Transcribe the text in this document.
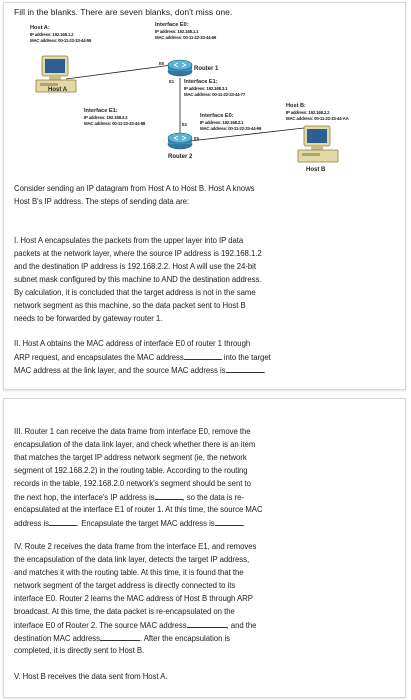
Fill in the blanks. There are seven blanks, don't miss one.
Host A:
IP address: 192.168.1.2
MAC address: 00-11-22-33-44-55
Host A
Interface E0:
IP address: 192.168.1.1
MAC address: 00-11-22-33-44-66
E0
Router 1
E1 Interface E1:
IP address: 192.168.3.1
MAC address: 00-11-22-33-44-77
Interface E1:
IP address: 192.168.3.2
MAC address: 00-11-22-33-44-88
Interface E0:
IP address: 192.168.2.1
MAC address: 00-11-22-33-44-99
E1
E0
Router 2
Host B:
IP address: 192.168.2.2
MAC address: 00-11-22-33-44-AA
Host B
Consider sending an IP datagram from Host A to Host B. Host A knows
Host B's IP address. The steps of sending data are:
I. Host A encapsulates the packets from the upper layer into IP data
packets at the network layer, where the source IP address is 192.168.1.2
and the destination IP address is 192.168.2.2. Host A will use the 24-bit
subnet mask configured by this machine to AND the destination address.
By calculation, it is concluded that the target address is not in the same
network segment as this machine, so the data packet sent to Host B
needs to be forwarded by gateway router 1.
II. Host A obtains the MAC address of interface E0 of router 1 through
ARP request, and encapsulates the MAC address	into the target
MAC address at the link layer, and the source MAC address is	.
III. Router 1 can receive the data frame from interface E0, remove the
encapsulation of the data link layer, and check whether there is an item
that matches the target IP address network segment (ie, the network
segment of 192.168.2.2) in the routing table. According to the routing
records in the table, 192.168.2.0 network's segment should be sent to
the next hop, the interface's IP address is	, so the data is re-
encapsulated at the interface E1 of router 1. At this time, the source MAC
address is	. Encapsulate the target MAC address is	.
IV. Route 2 receives the data frame from the interface E1, and removes
the encapsulation of the data link layer, detects the target IP address,
and matches it with the routing table. At this time, it is found that the
network segment of the target address is directly connected to its
interface E0. Router 2 learns the MAC address of Host B through ARP
broadcast. At this time, the data packet is re-encapsulated on the
interface E0 of Router 2. The source MAC address	, and the
destination MAC address	. After the encapsulation is
completed, it is directly sent to Host B.
V. Host B receives the data sent from Host A.
